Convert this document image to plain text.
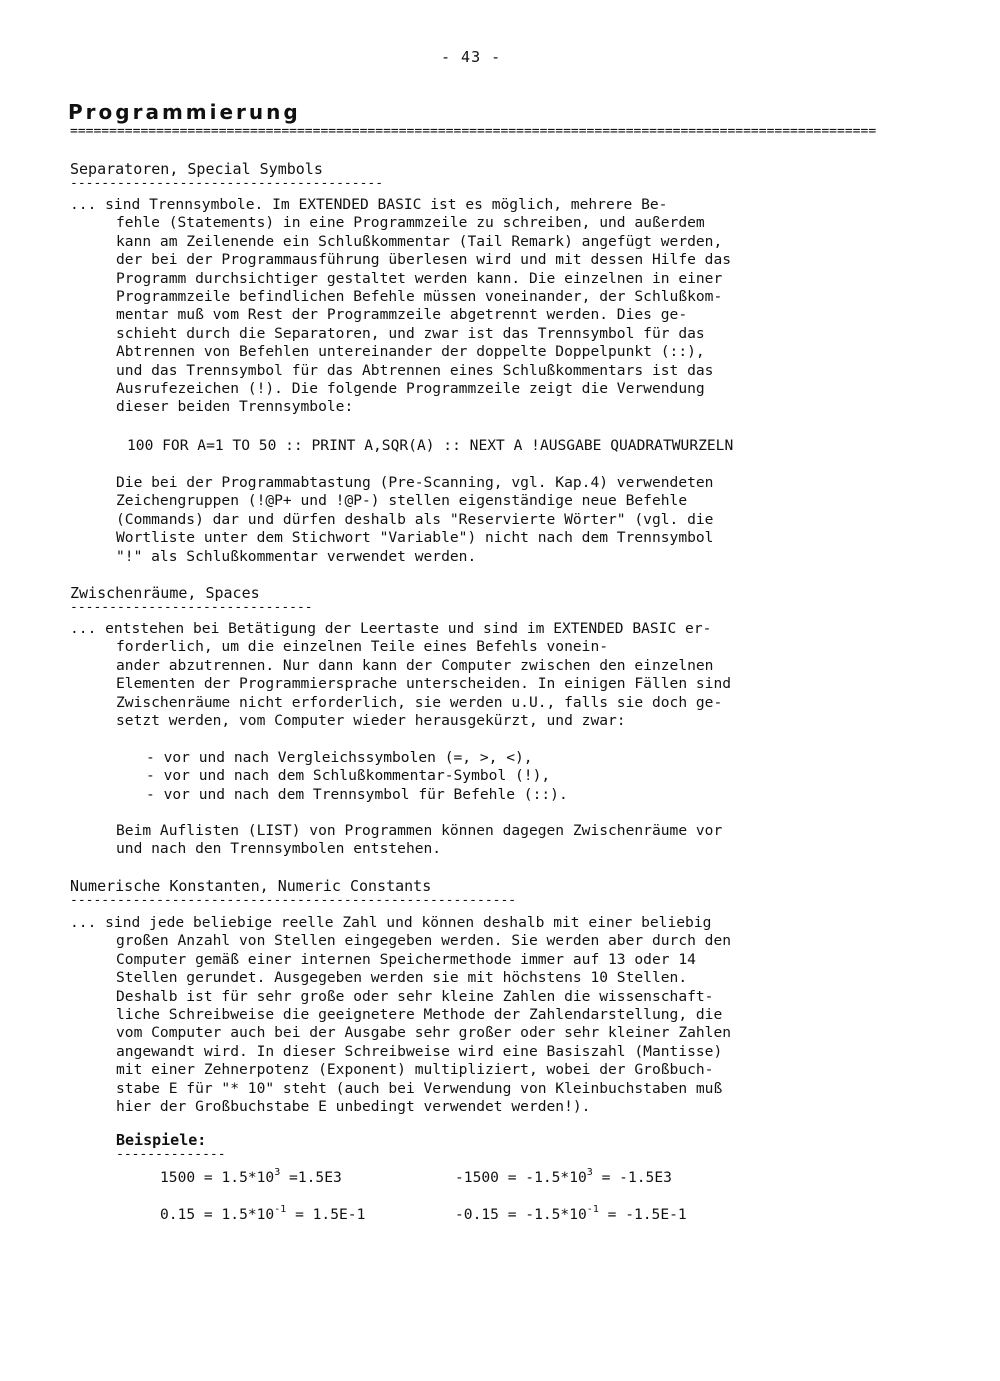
- 43 -
Programmierung
=======================================================================================================
Separatoren, Special Symbols
----------------------------------------
... sind Trennsymbole. Im EXTENDED BASIC ist es möglich, mehrere Be-
fehle (Statements) in eine Programmzeile zu schreiben, und außerdem
kann am Zeilenende ein Schlußkommentar (Tail Remark) angefügt werden,
der bei der Programmausführung überlesen wird und mit dessen Hilfe das
Programm durchsichtiger gestaltet werden kann. Die einzelnen in einer
Programmzeile befindlichen Befehle müssen voneinander, der Schlußkom-
mentar muß vom Rest der Programmzeile abgetrennt werden. Dies ge-
schieht durch die Separatoren, und zwar ist das Trennsymbol für das
Abtrennen von Befehlen untereinander der doppelte Doppelpunkt (::),
und das Trennsymbol für das Abtrennen eines Schlußkommentars ist das
Ausrufezeichen (!). Die folgende Programmzeile zeigt die Verwendung
dieser beiden Trennsymbole:
100 FOR A=1 TO 50 :: PRINT A,SQR(A) :: NEXT A !AUSGABE QUADRATWURZELN
Die bei der Programmabtastung (Pre-Scanning, vgl. Kap.4) verwendeten
Zeichengruppen (!@P+ und !@P-) stellen eigenständige neue Befehle
(Commands) dar und dürfen deshalb als "Reservierte Wörter" (vgl. die
Wortliste unter dem Stichwort "Variable") nicht nach dem Trennsymbol
"!" als Schlußkommentar verwendet werden.
Zwischenräume, Spaces
-------------------------------
... entstehen bei Betätigung der Leertaste und sind im EXTENDED BASIC er-
forderlich, um die einzelnen Teile eines Befehls vonein-
ander abzutrennen. Nur dann kann der Computer zwischen den einzelnen
Elementen der Programmiersprache unterscheiden. In einigen Fällen sind
Zwischenräume nicht erforderlich, sie werden u.U., falls sie doch ge-
setzt werden, vom Computer wieder herausgekürzt, und zwar:
- vor und nach Vergleichssymbolen (=, >, <),
- vor und nach dem Schlußkommentar-Symbol (!),
- vor und nach dem Trennsymbol für Befehle (::).
Beim Auflisten (LIST) von Programmen können dagegen Zwischenräume vor
und nach den Trennsymbolen entstehen.
Numerische Konstanten, Numeric Constants
---------------------------------------------------------
... sind jede beliebige reelle Zahl und können deshalb mit einer beliebig
großen Anzahl von Stellen eingegeben werden. Sie werden aber durch den
Computer gemäß einer internen Speichermethode immer auf 13 oder 14
Stellen gerundet. Ausgegeben werden sie mit höchstens 10 Stellen.
Deshalb ist für sehr große oder sehr kleine Zahlen die wissenschaft-
liche Schreibweise die geeignetere Methode der Zahlendarstellung, die
vom Computer auch bei der Ausgabe sehr großer oder sehr kleiner Zahlen
angewandt wird. In dieser Schreibweise wird eine Basiszahl (Mantisse)
mit einer Zehnerpotenz (Exponent) multipliziert, wobei der Großbuch-
stabe E für "* 10" steht (auch bei Verwendung von Kleinbuchstaben muß
hier der Großbuchstabe E unbedingt verwendet werden!).
Beispiele:
--------------
$1500 = 1.5*10^3 =1.5E3$	$-1500 = -1.5*10^3 = -1.5E3$
$0.15 = 1.5*10^{-1} = 1.5E-1$	$-0.15 = -1.5*10^{-1} = -1.5E-1$
